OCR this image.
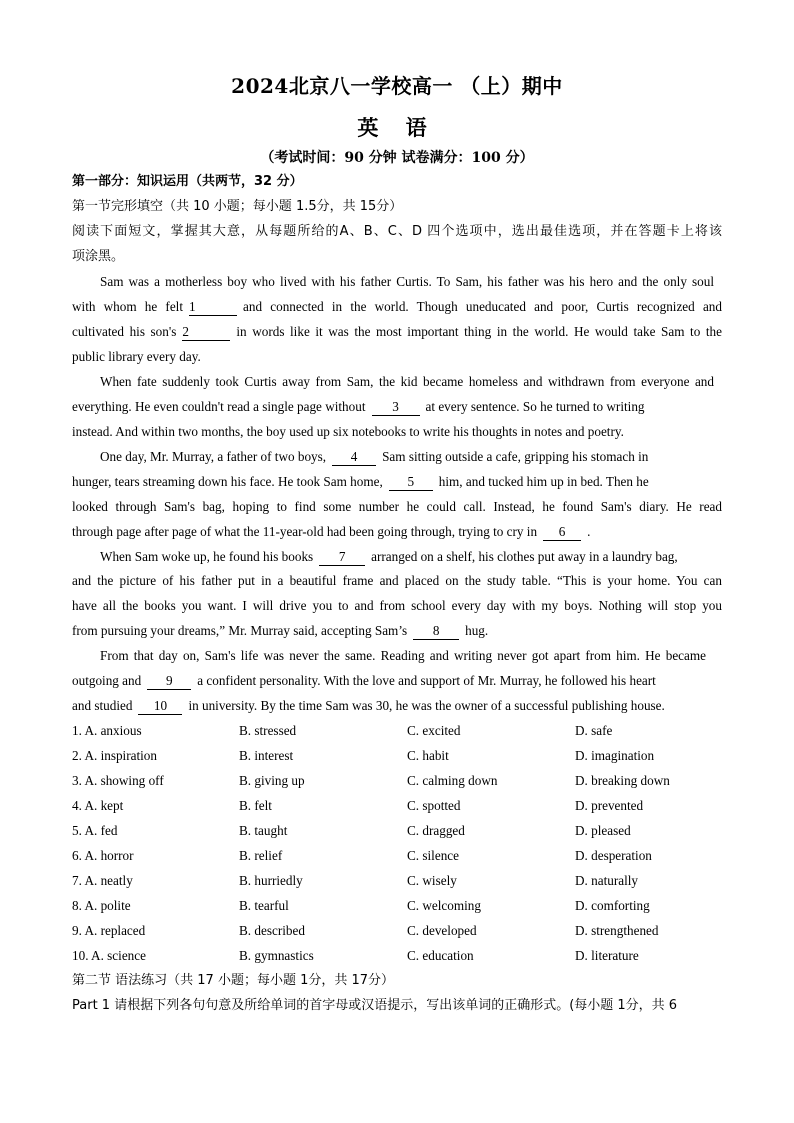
2024北京八一学校高一 （上）期中
英 语
（考试时间：90 分钟 试卷满分：100 分）
第一部分：知识运用（共两节，32 分）
第一节完形填空（共 10 小题；每小题 1.5分，共 15分）
阅读下面短文，掌握其大意，从每题所给的A、B、C、D 四个选项中，选出最佳选项，并在答题卡上将该
项涂黑。
Sam was a motherless boy who lived with his father Curtis. To Sam, his father was his hero and the only soul
with whom he felt 1	and connected in the world. Though uneducated and poor, Curtis recognized and
cultivated his son's 2	in words like it was the most important thing in the world. He would take Sam to the
public library every day.
When fate suddenly took Curtis away from Sam, the kid became homeless and withdrawn from everyone and
everything. He even couldn't read a single page without 3 at every sentence. So he turned to writing
instead. And within two months, the boy used up six notebooks to write his thoughts in notes and poetry.
One day, Mr. Murray, a father of two boys, 4 Sam sitting outside a cafe, gripping his stomach in
hunger, tears streaming down his face. He took Sam home, 5 him, and tucked him up in bed. Then he
looked through Sam's bag, hoping to find some number he could call. Instead, he found Sam's diary. He read
through page after page of what the 11-year-old had been going through, trying to cry in 6 .
When Sam woke up, he found his books 7 arranged on a shelf, his clothes put away in a laundry bag,
and the picture of his father put in a beautiful frame and placed on the study table. “This is your home. You can
have all the books you want. I will drive you to and from school every day with my boys. Nothing will stop you
from pursuing your dreams,” Mr. Murray said, accepting Sam’s 8 hug.
From that day on, Sam's life was never the same. Reading and writing never got apart from him. He became
outgoing and 9 a confident personality. With the love and support of Mr. Murray, he followed his heart
and studied 10 in university. By the time Sam was 30, he was the owner of a successful publishing house.
1. A. anxious	B. stressed	C. excited	D. safe
2. A. inspiration	B. interest	C. habit	D. imagination
3. A. showing off	B. giving up	C. calming down	D. breaking down
4. A. kept	B. felt	C. spotted	D. prevented
5. A. fed	B. taught	C. dragged	D. pleased
6. A. horror	B. relief	C. silence	D. desperation
7. A. neatly	B. hurriedly	C. wisely	D. naturally
8. A. polite	B. tearful	C. welcoming	D. comforting
9. A. replaced	B. described	C. developed	D. strengthened
10. A. science	B. gymnastics	C. education	D. literature
第二节 语法练习（共 17 小题；每小题 1分，共 17分）
Part 1 请根据下列各句句意及所给单词的首字母或汉语提示，写出该单词的正确形式。(每小题 1分，共 6
